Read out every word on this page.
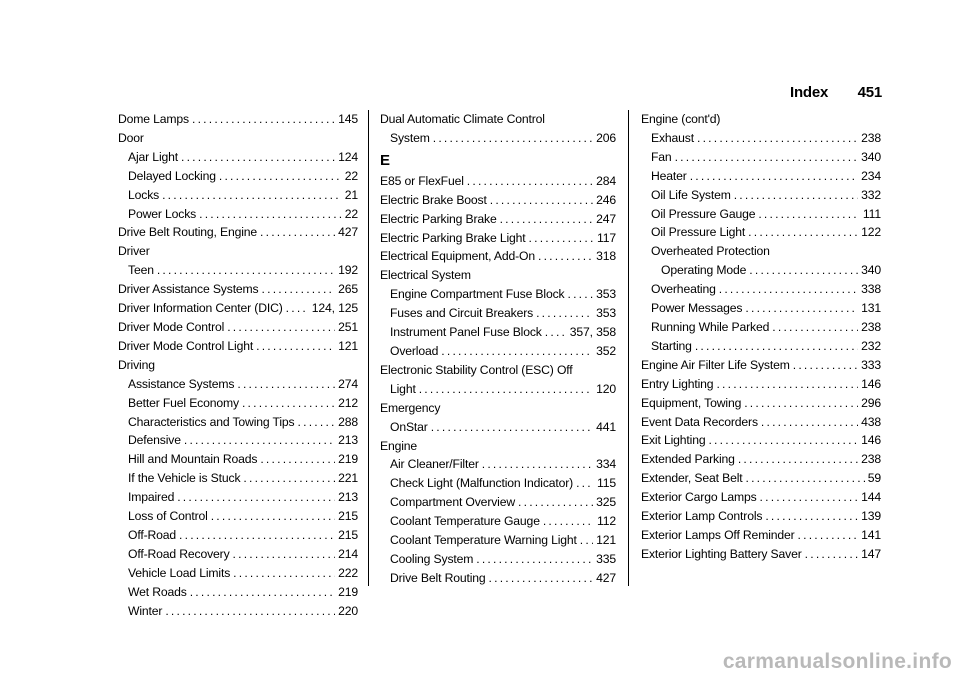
Index 451
Dome Lamps .....	145
Door
Ajar Light .....	124
Delayed Locking .....	22
Locks .....	21
Power Locks .....	22
Drive Belt Routing, Engine .....	427
Driver
Teen .....	192
Driver Assistance Systems .....	265
Driver Information Center (DIC) ..... 124, 125
Driver Mode Control .....	251
Driver Mode Control Light .....	121
Driving
Assistance Systems .....	274
Better Fuel Economy .....	212
Characteristics and Towing Tips .....	288
Defensive .....	213
Hill and Mountain Roads .....	219
If the Vehicle is Stuck .....	221
Impaired .....	213
Loss of Control .....	215
Off-Road .....	215
Off-Road Recovery .....	214
Vehicle Load Limits .....	222
Wet Roads .....	219
Winter .....	220
Dual Automatic Climate Control
System .....	206
E
E85 or FlexFuel .....	284
Electric Brake Boost .....	246
Electric Parking Brake .....	247
Electric Parking Brake Light .....	117
Electrical Equipment, Add-On .....	318
Electrical System
Engine Compartment Fuse Block .....	353
Fuses and Circuit Breakers .....	353
Instrument Panel Fuse Block ..... 357, 358
Overload .....	352
Electronic Stability Control (ESC) Off
Light .....	120
Emergency
OnStar .....	441
Engine
Air Cleaner/Filter .....	334
Check Light (Malfunction Indicator) ..... 115
Compartment Overview .....	325
Coolant Temperature Gauge .....	112
Coolant Temperature Warning Light ..... 121
Cooling System .....	335
Drive Belt Routing .....	427
Engine (cont'd)
Exhaust .....	238
Fan .....	340
Heater .....	234
Oil Life System .....	332
Oil Pressure Gauge .....	111
Oil Pressure Light .....	122
Overheated Protection
Operating Mode .....	340
Overheating .....	338
Power Messages .....	131
Running While Parked .....	238
Starting .....	232
Engine Air Filter Life System .....	333
Entry Lighting .....	146
Equipment, Towing .....	296
Event Data Recorders .....	438
Exit Lighting .....	146
Extended Parking .....	238
Extender, Seat Belt .....	59
Exterior Cargo Lamps .....	144
Exterior Lamp Controls .....	139
Exterior Lamps Off Reminder .....	141
Exterior Lighting Battery Saver .....	147
carmanualsonline.info
